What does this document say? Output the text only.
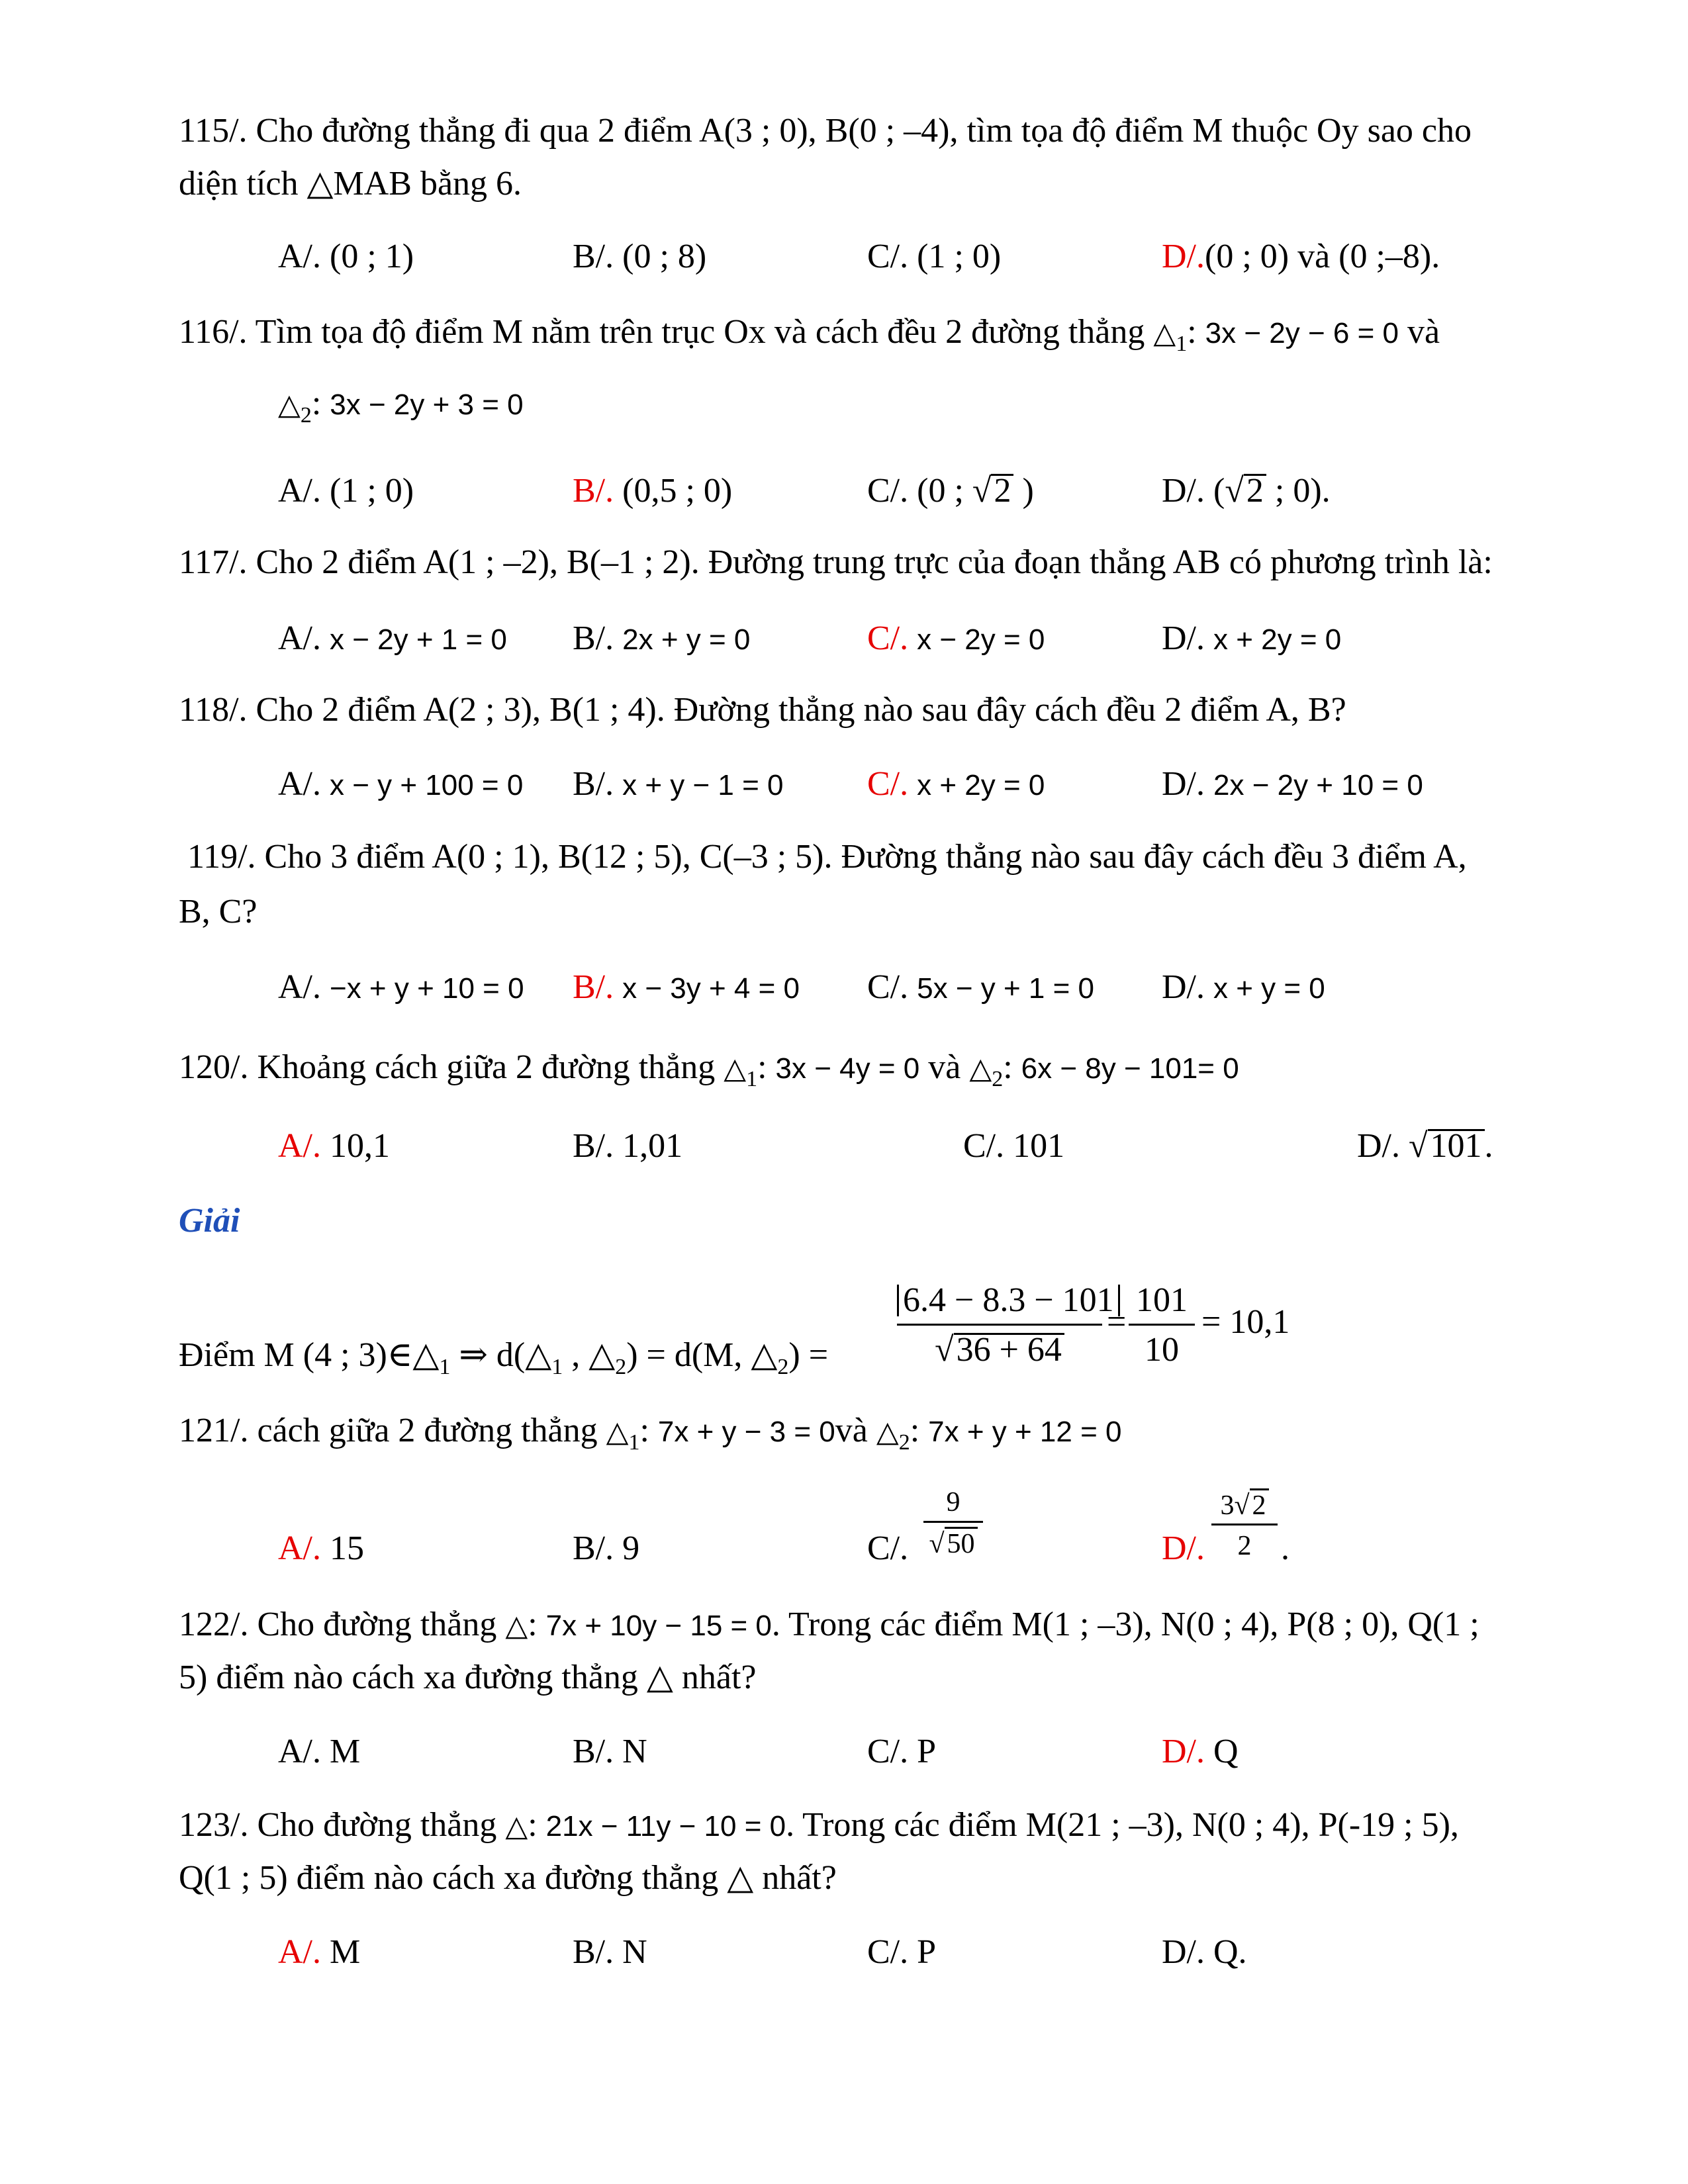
115/. Cho đường thẳng đi qua 2 điểm A(3 ; 0), B(0 ; –4), tìm tọa độ điểm M thuộc Oy sao cho
diện tích △MAB bằng 6.
A/. (0 ; 1)	B/. (0 ; 8)	C/. (1 ; 0)	D/.(0 ; 0) và (0 ;–8).
116/. Tìm tọa độ điểm M nằm trên trục Ox và cách đều 2 đường thẳng $\triangle_1$: 3x − 2y − 6 = 0 và
$\triangle_2$: 3x − 2y + 3 = 0
A/. (1 ; 0)	B/. (0,5 ; 0)	C/. (0 ; √2 )	D/. (√2 ; 0).
117/. Cho 2 điểm A(1 ; –2), B(–1 ; 2). Đường trung trực của đoạn thẳng AB có phương trình là:
A/. x − 2y + 1 = 0 B/. 2x + y = 0	C/. x − 2y = 0	D/. x + 2y = 0
118/. Cho 2 điểm A(2 ; 3), B(1 ; 4). Đường thẳng nào sau đây cách đều 2 điểm A, B?
A/. x − y + 100 = 0 B/. x + y − 1 = 0 C/. x + 2y = 0	D/. 2x − 2y + 10 = 0
119/. Cho 3 điểm A(0 ; 1), B(12 ; 5), C(–3 ; 5). Đường thẳng nào sau đây cách đều 3 điểm A,
B, C?
A/. −x + y + 10 = 0 B/. x − 3y + 4 = 0 C/. 5x − y + 1 = 0 D/. x + y = 0
120/. Khoảng cách giữa 2 đường thẳng $\triangle_1$: 3x − 4y = 0 và $\triangle_2$: 6x − 8y − 101= 0
A/. 10,1	B/. 1,01	C/. 101	D/. √101.
Giải
Điểm M (4 ; $3)\in\triangle_1$ ⇒ $d(\triangle_1$ , $\triangle_2) = d(M$, $\triangle_2$) =
6.4 − 8.3 − 101
√36 + 64
=
101
10
= 10,1
121/. cách giữa 2 đường thẳng $\triangle_1$: 7x + y − 3 = 0và $\triangle_2$: 7x + y + 12 = 0
A/. 15	B/. 9	C/.
9
√50	D/.
3√2
2 .
122/. Cho đường thẳng △: 7x + 10y − 15 = 0. Trong các điểm M(1 ; –3), N(0 ; 4), P(8 ; 0), Q(1 ;
5) điểm nào cách xa đường thẳng △ nhất?
A/. M	B/. N	C/. P	D/. Q
123/. Cho đường thẳng △: 21x − 11y − 10 = 0. Trong các điểm M(21 ; –3), N(0 ; 4), P(-19 ; 5),
Q(1 ; 5) điểm nào cách xa đường thẳng △ nhất?
A/. M	B/. N	C/. P	D/. Q.
